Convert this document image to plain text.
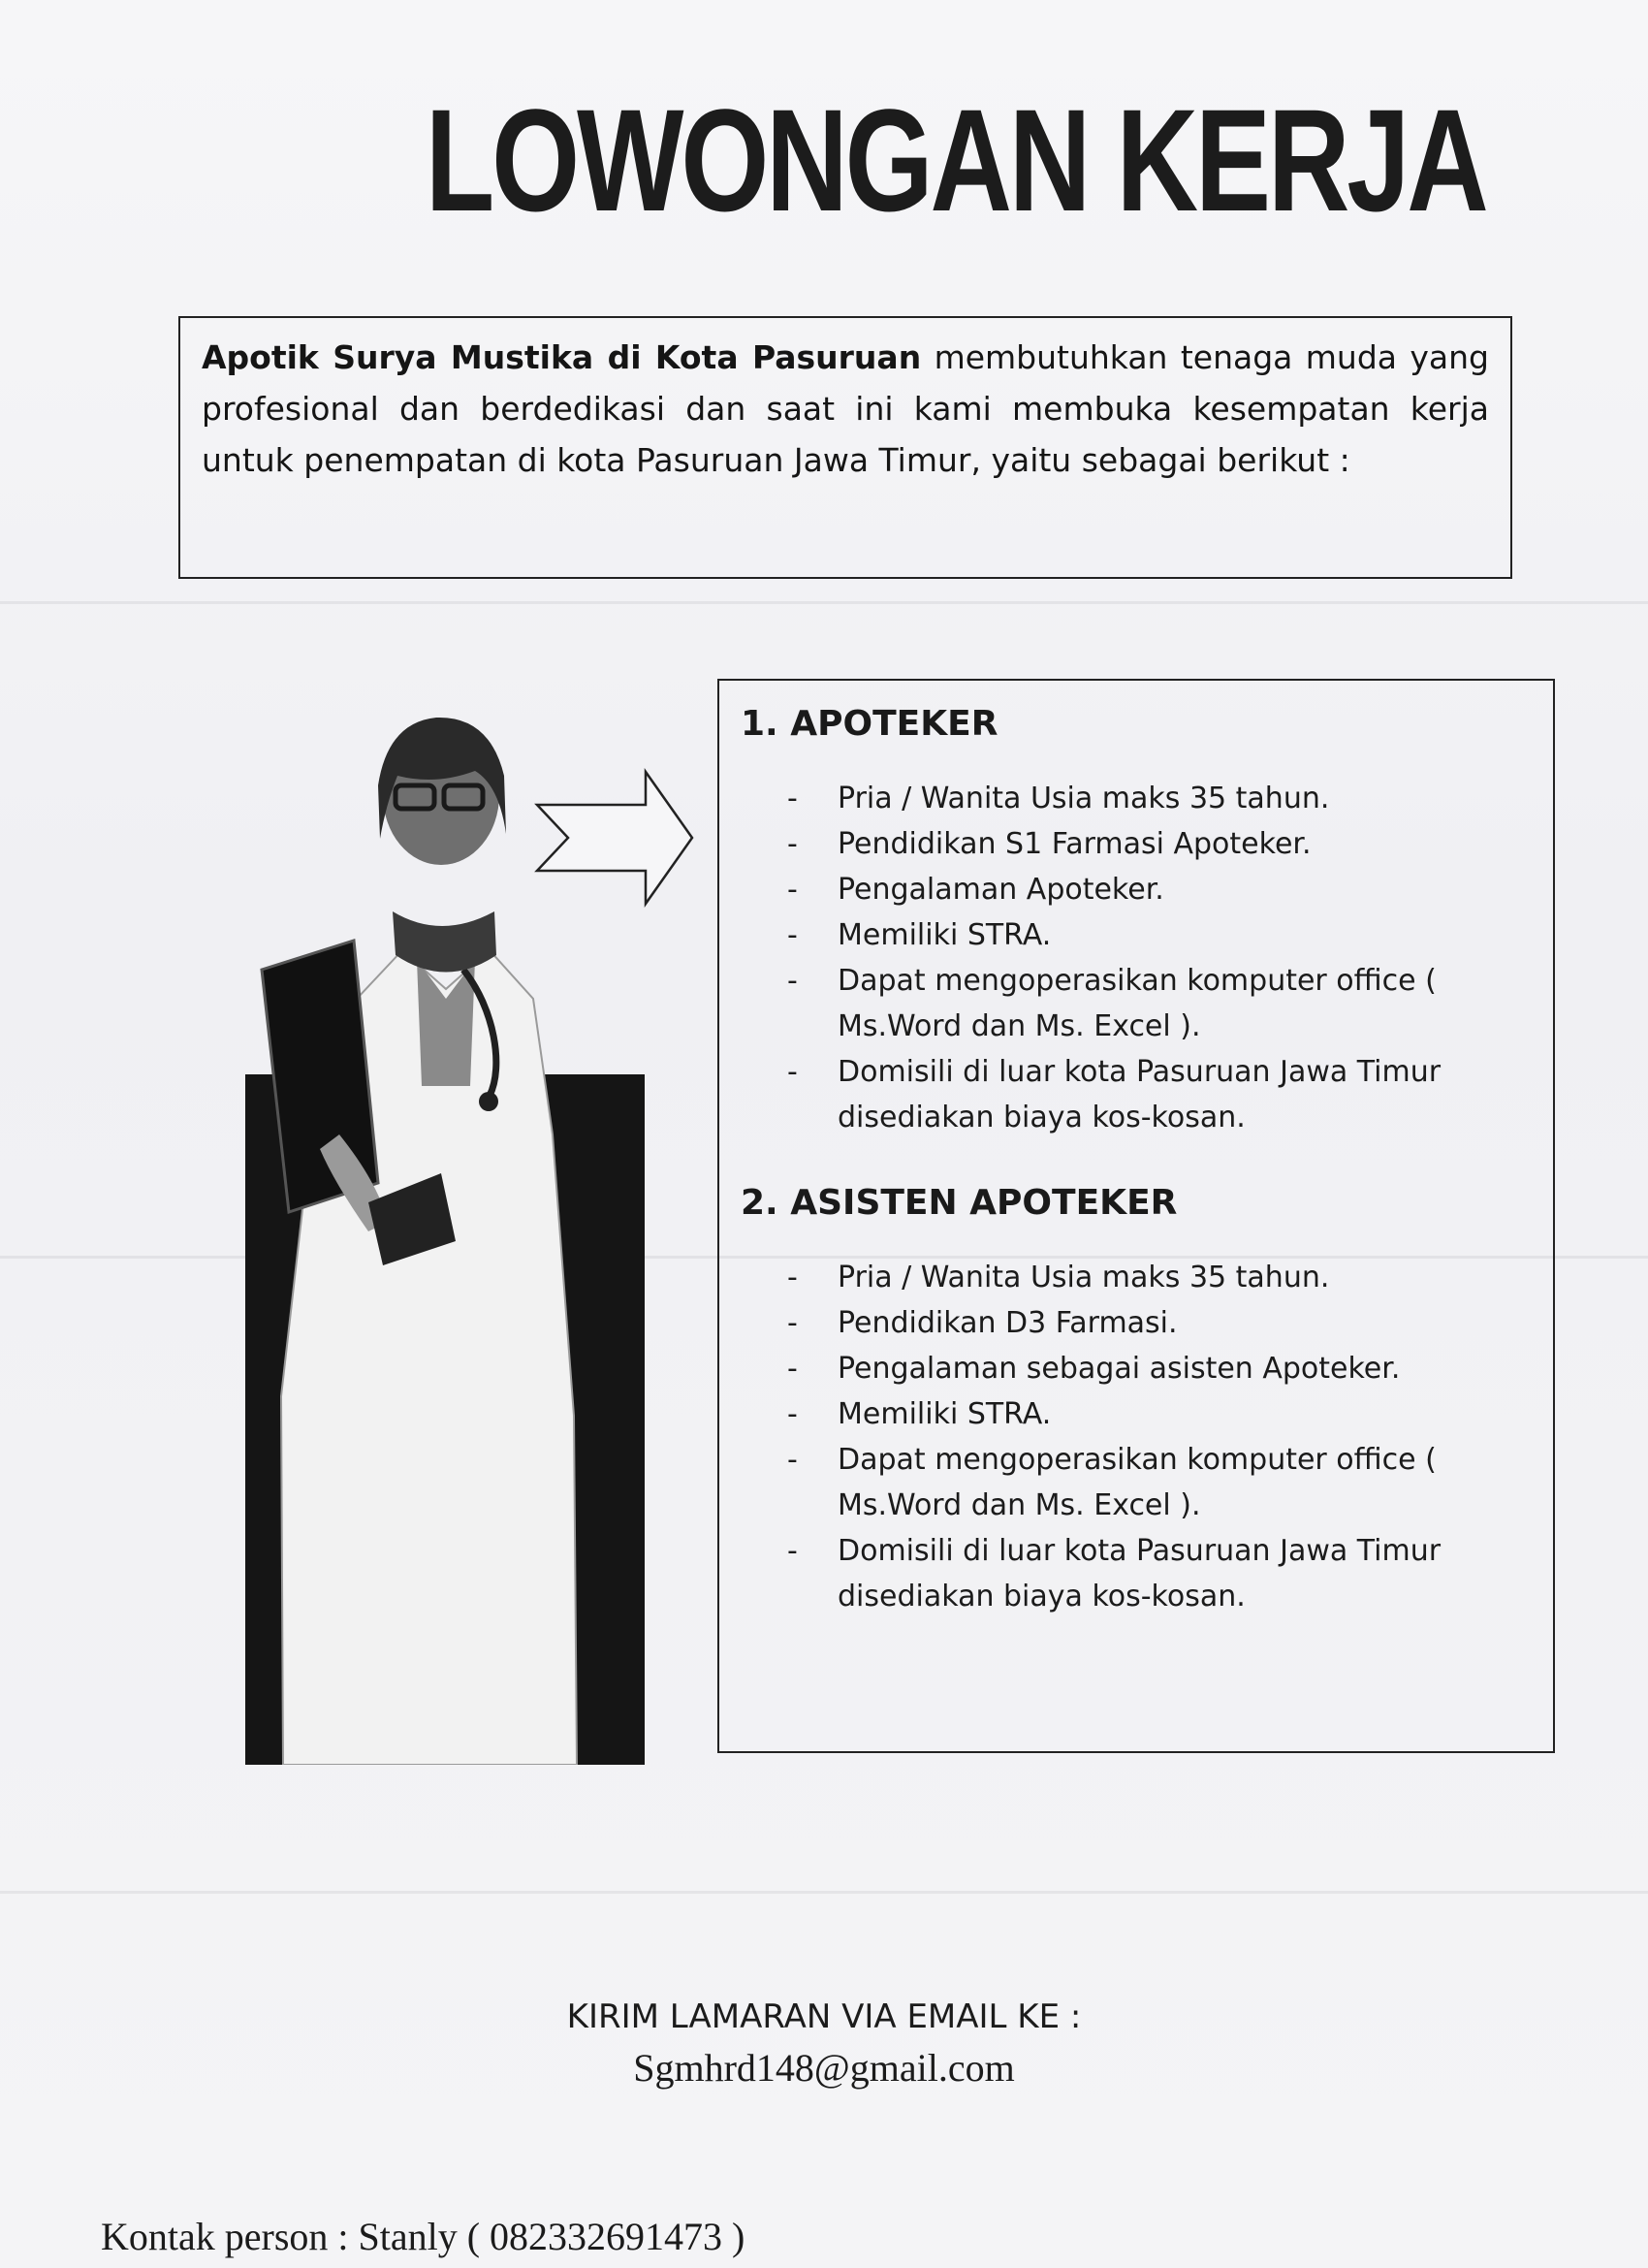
LOWONGAN KERJA
Apotik Surya Mustika di Kota Pasuruan membutuhkan tenaga muda yang profesional dan berdedikasi dan saat ini kami membuka kesempatan kerja untuk penempatan di kota Pasuruan Jawa Timur, yaitu sebagai berikut :
1. APOTEKER
- Pria / Wanita Usia maks 35 tahun.
- Pendidikan S1 Farmasi Apoteker.
- Pengalaman Apoteker.
- Memiliki STRA.
- Dapat mengoperasikan komputer office ( Ms.Word dan Ms. Excel ).
- Domisili di luar kota Pasuruan Jawa Timur disediakan biaya kos-kosan.
2. ASISTEN APOTEKER
- Pria / Wanita Usia maks 35 tahun.
- Pendidikan D3 Farmasi.
- Pengalaman sebagai asisten Apoteker.
- Memiliki STRA.
- Dapat mengoperasikan komputer office ( Ms.Word dan Ms. Excel ).
- Domisili di luar kota Pasuruan Jawa Timur disediakan biaya kos-kosan.
KIRIM LAMARAN VIA EMAIL KE :
Sgmhrd148@gmail.com
Kontak person : Stanly ( 082332691473 )
